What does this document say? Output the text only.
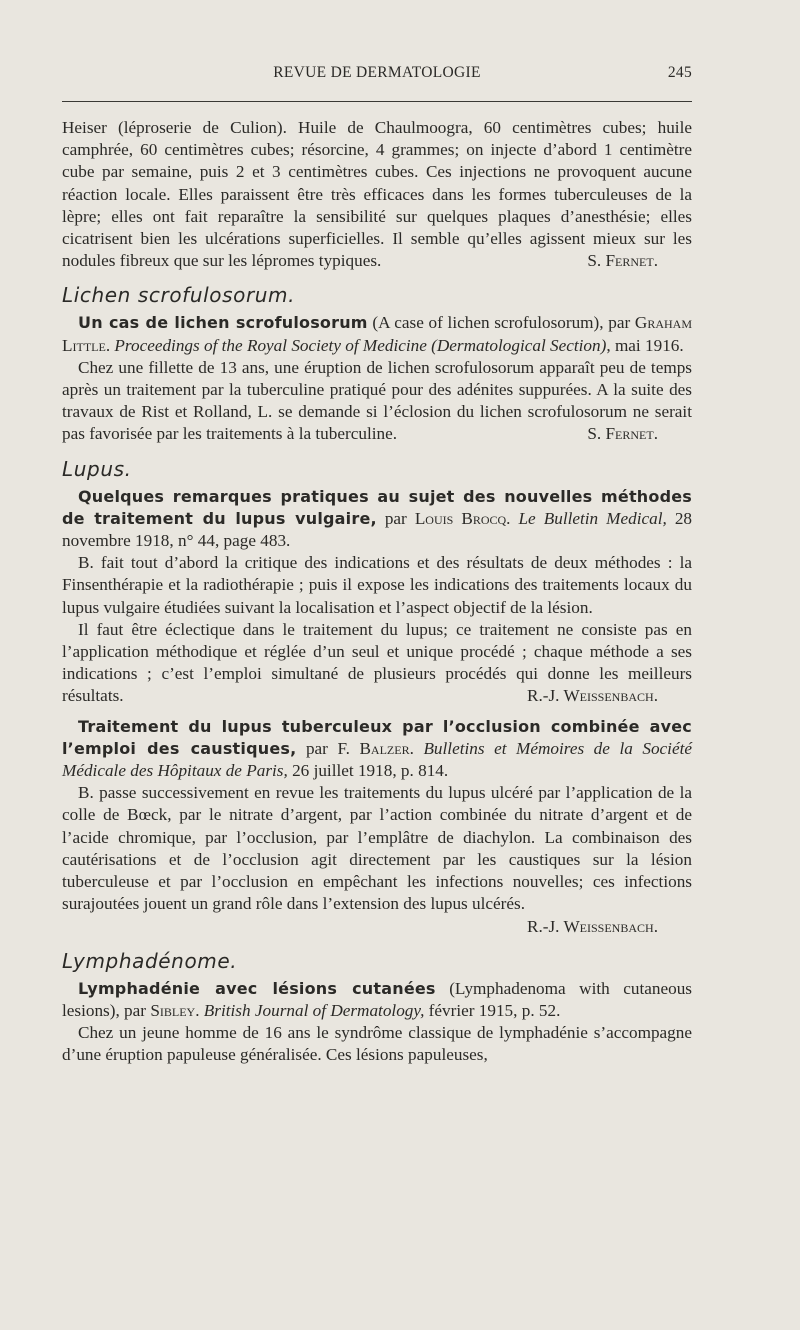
REVUE DE DERMATOLOGIE	245

Heiser (léproserie de Culion). Huile de Chaulmoogra, 60 centimètres cubes; huile camphrée, 60 centimètres cubes; résorcine, 4 grammes; on injecte d’abord 1 centimètre cube par semaine, puis 2 et 3 centimètres cubes. Ces injections ne provoquent aucune réaction locale. Elles paraissent être très efficaces dans les formes tuberculeuses de la lèpre; elles ont fait reparaître la sensibilité sur quelques plaques d’anesthésie; elles cicatrisent bien les ulcérations superficielles. Il semble qu’elles agissent mieux sur les nodules fibreux que sur les lépromes typiques.	S. Fernet.

Lichen scrofulosorum.

Un cas de lichen scrofulosorum (A case of lichen scrofulosorum), par Graham Little. Proceedings of the Royal Society of Medicine (Dermatological Section), mai 1916.

Chez une fillette de 13 ans, une éruption de lichen scrofulosorum apparaît peu de temps après un traitement par la tuberculine pratiqué pour des adénites suppurées. A la suite des travaux de Rist et Rolland, L. se demande si l’éclosion du lichen scrofulosorum ne serait pas favorisée par les traitements à la tuberculine.	S. Fernet.

Lupus.

Quelques remarques pratiques au sujet des nouvelles méthodes de traitement du lupus vulgaire, par Louis Brocq. Le Bulletin Medical, 28 novembre 1918, n° 44, page 483.

B. fait tout d’abord la critique des indications et des résultats de deux méthodes : la Finsenthérapie et la radiothérapie ; puis il expose les indications des traitements locaux du lupus vulgaire étudiées suivant la localisation et l’aspect objectif de la lésion.

Il faut être éclectique dans le traitement du lupus; ce traitement ne consiste pas en l’application méthodique et réglée d’un seul et unique procédé ; chaque méthode a ses indications ; c’est l’emploi simultané de plusieurs procédés qui donne les meilleurs résultats.	R.-J. Weissenbach.

Traitement du lupus tuberculeux par l’occlusion combinée avec l’emploi des caustiques, par F. Balzer. Bulletins et Mémoires de la Société Médicale des Hôpitaux de Paris, 26 juillet 1918, p. 814.

B. passe successivement en revue les traitements du lupus ulcéré par l’application de la colle de Bœck, par le nitrate d’argent, par l’action combinée du nitrate d’argent et de l’acide chromique, par l’occlusion, par l’emplâtre de diachylon. La combinaison des cautérisations et de l’occlusion agit directement par les caustiques sur la lésion tuberculeuse et par l’occlusion en empêchant les infections nouvelles; ces infections surajoutées jouent un grand rôle dans l’extension des lupus ulcérés.

R.-J. Weissenbach.

Lymphadénome.

Lymphadénie avec lésions cutanées (Lymphadenoma with cutaneous lesions), par Sibley. British Journal of Dermatology, février 1915, p. 52.

Chez un jeune homme de 16 ans le syndrôme classique de lymphadénie s’accompagne d’une éruption papuleuse généralisée. Ces lésions papuleuses,
